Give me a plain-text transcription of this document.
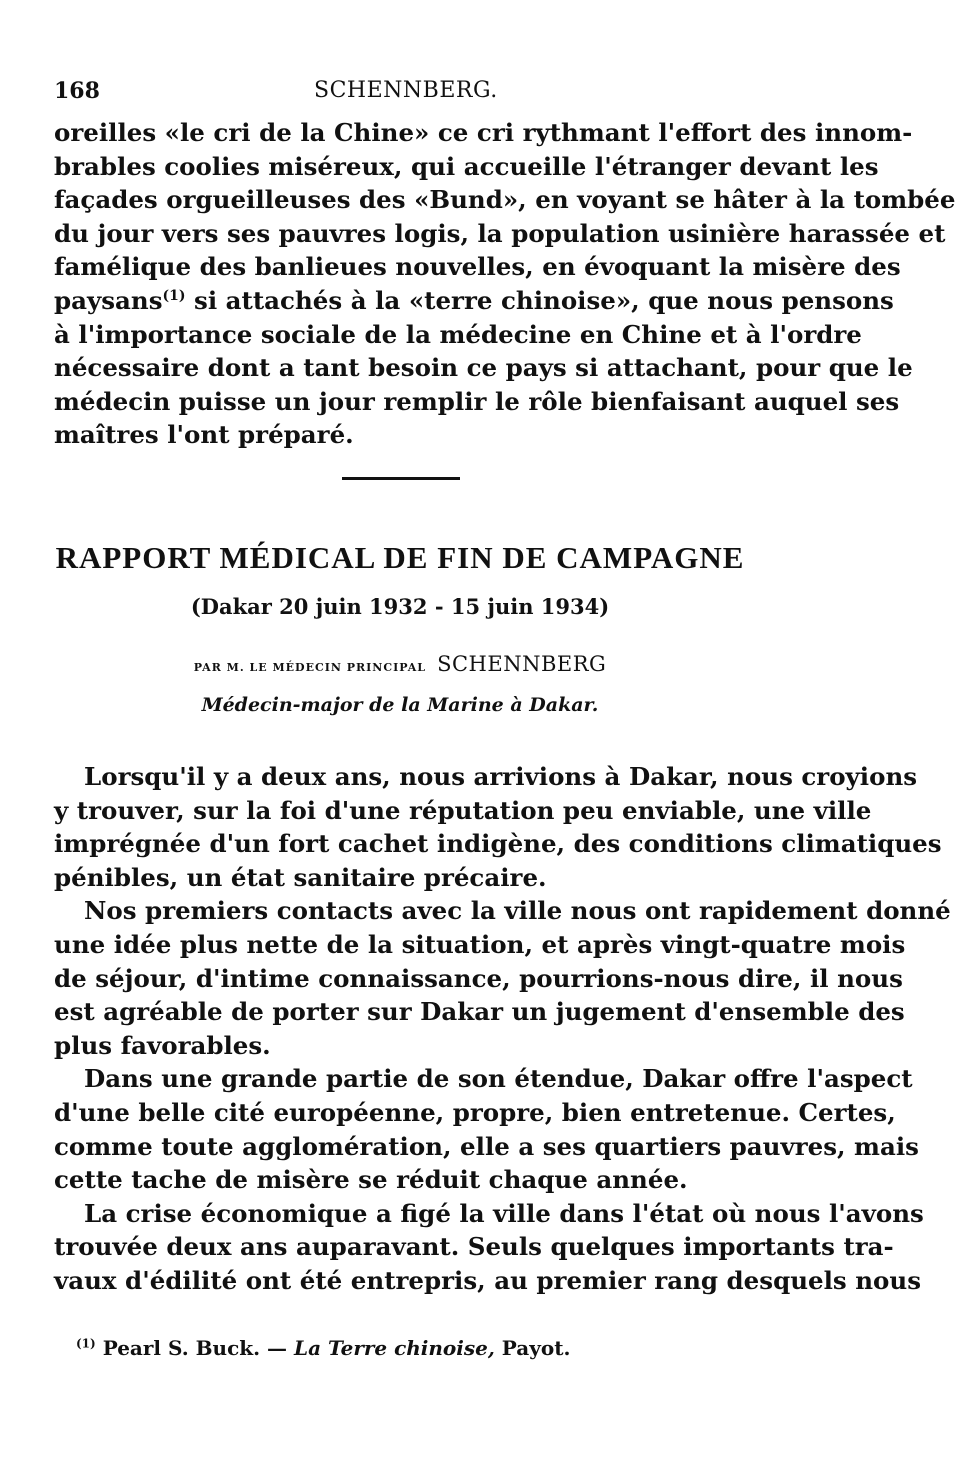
168	SCHENNBERG.
oreilles «le cri de la Chine» ce cri rythmant l'effort des innom-
brables coolies miséreux, qui accueille l'étranger devant les
façades orgueilleuses des «Bund», en voyant se hâter à la tombée
du jour vers ses pauvres logis, la population usinière harassée et
famélique des banlieues nouvelles, en évoquant la misère des
paysans$^{(1)}$ si attachés à la «terre chinoise», que nous pensons
à l'importance sociale de la médecine en Chine et à l'ordre
nécessaire dont a tant besoin ce pays si attachant, pour que le
médecin puisse un jour remplir le rôle bienfaisant auquel ses
maîtres l'ont préparé.
RAPPORT MÉDICAL DE FIN DE CAMPAGNE
(Dakar 20 juin 1932 - 15 juin 1934)
PAR M. LE MÉDECIN PRINCIPAL SCHENNBERG
Médecin-major de la Marine à Dakar.
Lorsqu'il y a deux ans, nous arrivions à Dakar, nous croyions
y trouver, sur la foi d'une réputation peu enviable, une ville
imprégnée d'un fort cachet indigène, des conditions climatiques
pénibles, un état sanitaire précaire.
Nos premiers contacts avec la ville nous ont rapidement donné
une idée plus nette de la situation, et après vingt-quatre mois
de séjour, d'intime connaissance, pourrions-nous dire, il nous
est agréable de porter sur Dakar un jugement d'ensemble des
plus favorables.
Dans une grande partie de son étendue, Dakar offre l'aspect
d'une belle cité européenne, propre, bien entretenue. Certes,
comme toute agglomération, elle a ses quartiers pauvres, mais
cette tache de misère se réduit chaque année.
La crise économique a figé la ville dans l'état où nous l'avons
trouvée deux ans auparavant. Seuls quelques importants tra-
vaux d'édilité ont été entrepris, au premier rang desquels nous
$^{(1)}$ Pearl S. Buck. — La Terre chinoise, Payot.
